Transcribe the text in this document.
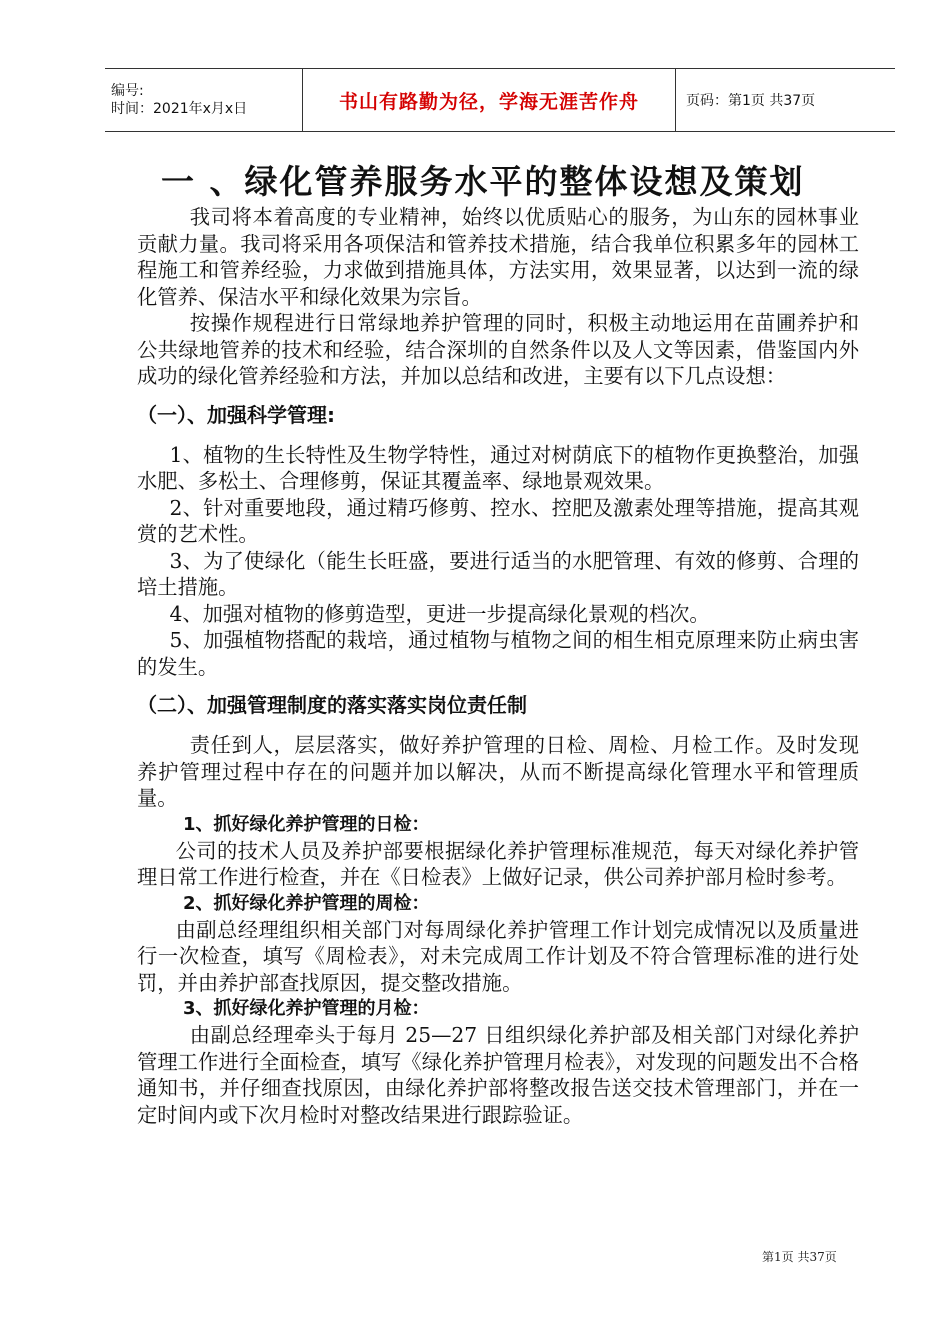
编号:
时间：2021年x月x日	书山有路勤为径，学海无涯苦作舟	页码：第1页 共37页
一 、绿化管养服务水平的整体设想及策划

我司将本着高度的专业精神，始终以优质贴心的服务，为山东的园林事业贡献力量。我司将采用各项保洁和管养技术措施，结合我单位积累多年的园林工程施工和管养经验，力求做到措施具体，方法实用，效果显著，以达到一流的绿化管养、保洁水平和绿化效果为宗旨。

按操作规程进行日常绿地养护管理的同时，积极主动地运用在苗圃养护和公共绿地管养的技术和经验，结合深圳的自然条件以及人文等因素，借鉴国内外成功的绿化管养经验和方法，并加以总结和改进，主要有以下几点设想：

（一）、加强科学管理:

1、植物的生长特性及生物学特性，通过对树荫底下的植物作更换整治，加强水肥、多松土、合理修剪，保证其覆盖率、绿地景观效果。

2、针对重要地段，通过精巧修剪、控水、控肥及激素处理等措施，提高其观赏的艺术性。

3、为了使绿化（能生长旺盛，要进行适当的水肥管理、有效的修剪、合理的培土措施。

4、加强对植物的修剪造型，更进一步提高绿化景观的档次。

5、加强植物搭配的栽培，通过植物与植物之间的相生相克原理来防止病虫害的发生。

（二）、加强管理制度的落实落实岗位责任制

责任到人，层层落实，做好养护管理的日检、周检、月检工作。及时发现养护管理过程中存在的问题并加以解决，从而不断提高绿化管理水平和管理质量。

1、抓好绿化养护管理的日检：

公司的技术人员及养护部要根据绿化养护管理标准规范，每天对绿化养护管理日常工作进行检查，并在《日检表》上做好记录，供公司养护部月检时参考。

2、抓好绿化养护管理的周检：

由副总经理组织相关部门对每周绿化养护管理工作计划完成情况以及质量进行一次检查，填写《周检表》，对未完成周工作计划及不符合管理标准的进行处罚，并由养护部查找原因，提交整改措施。

3、抓好绿化养护管理的月检：

由副总经理牵头于每月 25—27 日组织绿化养护部及相关部门对绿化养护管理工作进行全面检查，填写《绿化养护管理月检表》，对发现的问题发出不合格通知书，并仔细查找原因，由绿化养护部将整改报告送交技术管理部门，并在一定时间内或下次月检时对整改结果进行跟踪验证。

第1页 共37页
